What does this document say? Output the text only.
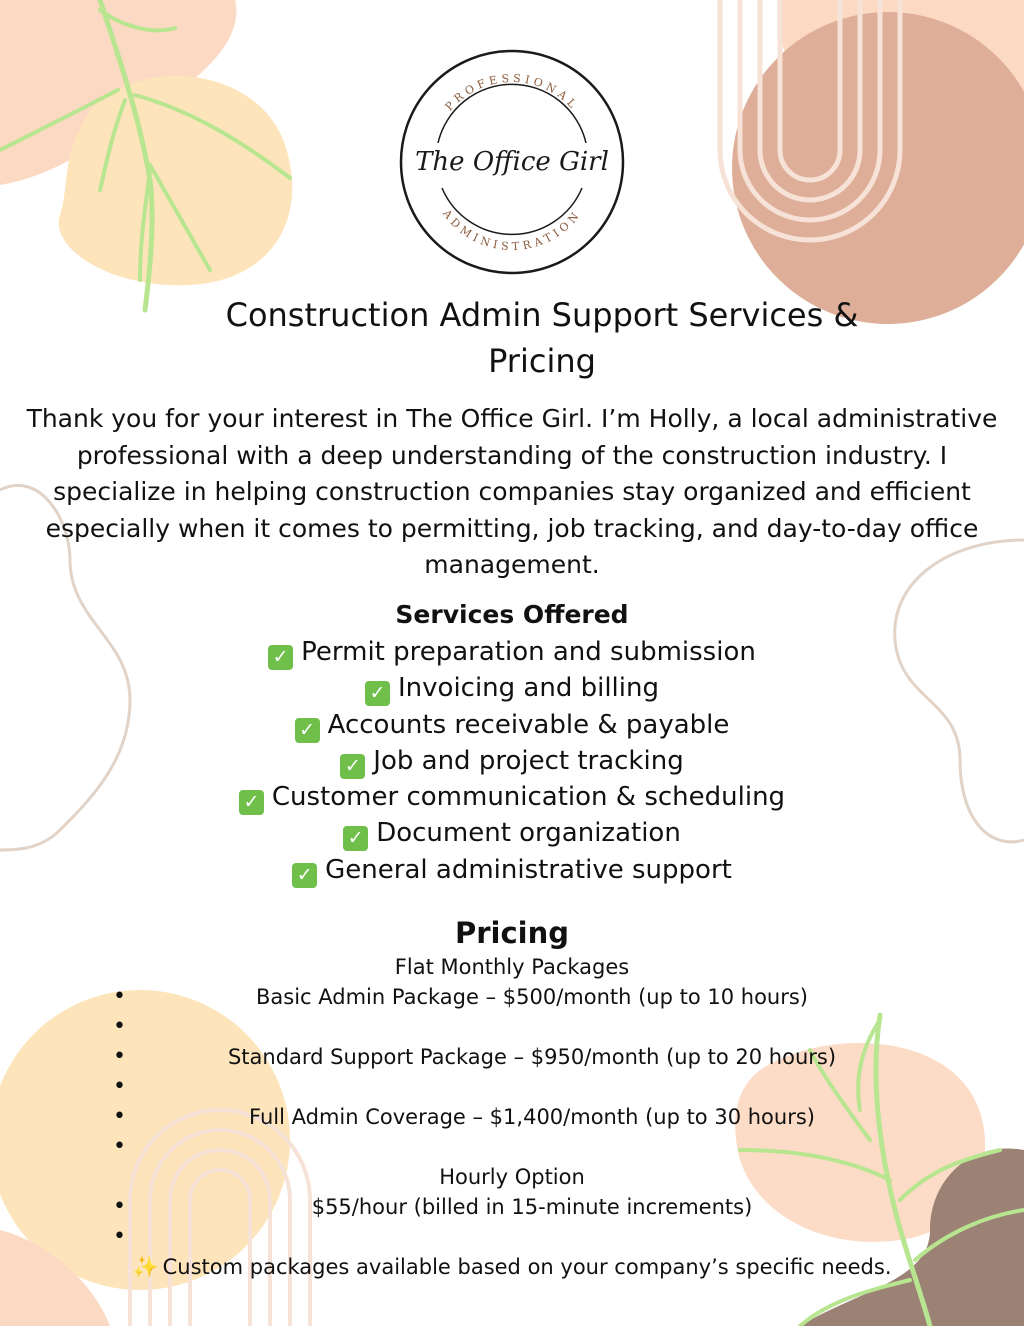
PROFESSIONAL
The Office Girl
ADMINISTRATION
Construction Admin Support Services &
Pricing

Thank you for your interest in The Office Girl. I’m Holly, a local administrative professional with a deep understanding of the construction industry. I specialize in helping construction companies stay organized and efficient especially when it comes to permitting, job tracking, and day-to-day office management.

Services Offered
✓ Permit preparation and submission
✓ Invoicing and billing
✓ Accounts receivable & payable
✓ Job and project tracking
✓ Customer communication & scheduling
✓ Document organization
✓ General administrative support
Pricing
Flat Monthly Packages
• Basic Admin Package – $500/month (up to 10 hours)
•
• Standard Support Package – $950/month (up to 20 hours)
•
• Full Admin Coverage – $1,400/month (up to 30 hours)
•
Hourly Option
• $55/hour (billed in 15-minute increments)
•
✨ Custom packages available based on your company’s specific needs.
